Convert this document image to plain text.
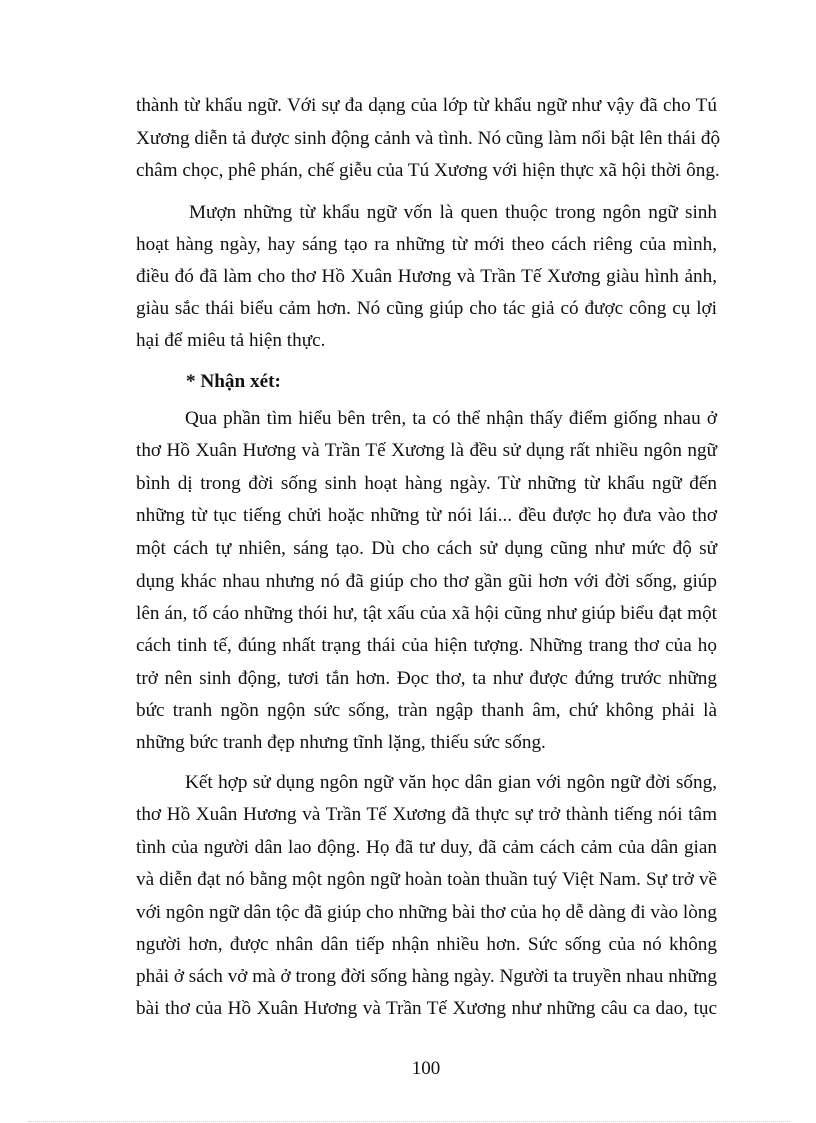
thành từ khẩu ngữ. Với sự đa dạng của lớp từ khẩu ngữ như vậy đã cho Tú
Xương diễn tả được sinh động cảnh và tình. Nó cũng làm nổi bật lên thái độ
châm chọc, phê phán, chế giễu của Tú Xương với hiện thực xã hội thời ông.
Mượn những từ khẩu ngữ vốn là quen thuộc trong ngôn ngữ sinh
hoạt hàng ngày, hay sáng tạo ra những từ mới theo cách riêng của mình,
điều đó đã làm cho thơ Hồ Xuân Hương và Trần Tế Xương giàu hình ảnh,
giàu sắc thái biểu cảm hơn. Nó cũng giúp cho tác giả có được công cụ lợi
hại để miêu tả hiện thực.
* Nhận xét:
Qua phần tìm hiểu bên trên, ta có thể nhận thấy điểm giống nhau ở
thơ Hồ Xuân Hương và Trần Tế Xương là đều sử dụng rất nhiều ngôn ngữ
bình dị trong đời sống sinh hoạt hàng ngày. Từ những từ khẩu ngữ đến
những từ tục tiếng chửi hoặc những từ nói lái... đều được họ đưa vào thơ
một cách tự nhiên, sáng tạo. Dù cho cách sử dụng cũng như mức độ sử
dụng khác nhau nhưng nó đã giúp cho thơ gần gũi hơn với đời sống, giúp
lên án, tố cáo những thói hư, tật xấu của xã hội cũng như giúp biểu đạt một
cách tinh tế, đúng nhất trạng thái của hiện tượng. Những trang thơ của họ
trở nên sinh động, tươi tắn hơn. Đọc thơ, ta như được đứng trước những
bức tranh ngồn ngộn sức sống, tràn ngập thanh âm, chứ không phải là
những bức tranh đẹp nhưng tĩnh lặng, thiếu sức sống.
Kết hợp sử dụng ngôn ngữ văn học dân gian với ngôn ngữ đời sống,
thơ Hồ Xuân Hương và Trần Tế Xương đã thực sự trở thành tiếng nói tâm
tình của người dân lao động. Họ đã tư duy, đã cảm cách cảm của dân gian
và diễn đạt nó bằng một ngôn ngữ hoàn toàn thuần tuý Việt Nam. Sự trở về
với ngôn ngữ dân tộc đã giúp cho những bài thơ của họ dễ dàng đi vào lòng
người hơn, được nhân dân tiếp nhận nhiều hơn. Sức sống của nó không
phải ở sách vở mà ở trong đời sống hàng ngày. Người ta truyền nhau những
bài thơ của Hồ Xuân Hương và Trần Tế Xương như những câu ca dao, tục
100
